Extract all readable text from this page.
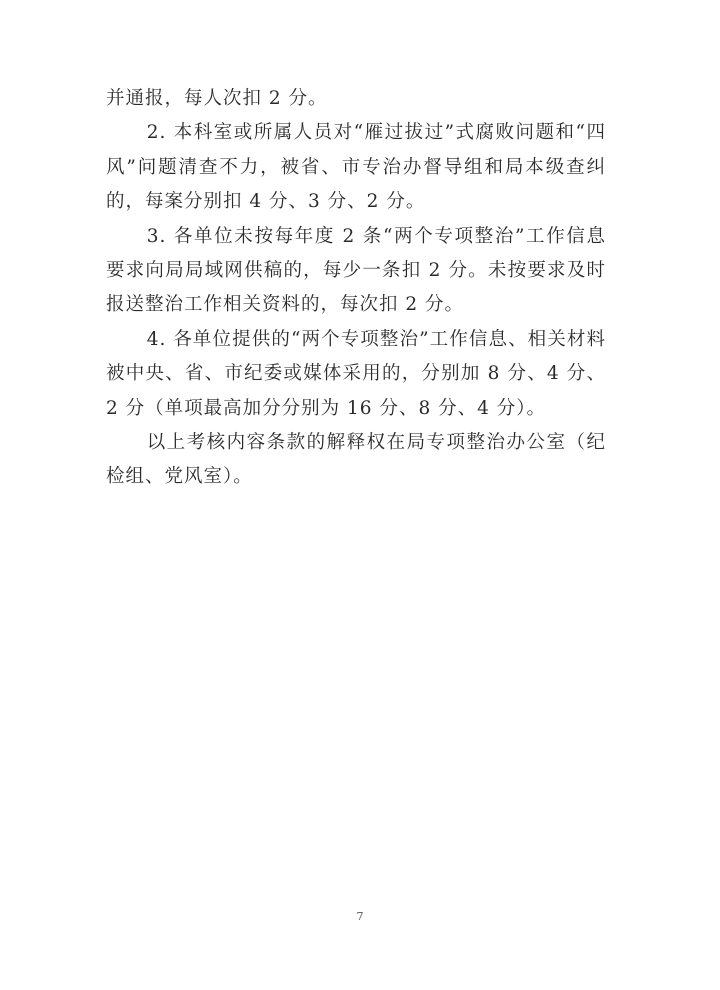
并通报，每人次扣 2 分。

2. 本科室或所属人员对“雁过拔过”式腐败问题和“四风”问题清查不力，被省、市专治办督导组和局本级查纠的，每案分别扣 4 分、3 分、2 分。

3. 各单位未按每年度 2 条“两个专项整治”工作信息要求向局局域网供稿的，每少一条扣 2 分。未按要求及时报送整治工作相关资料的，每次扣 2 分。

4. 各单位提供的“两个专项整治”工作信息、相关材料被中央、省、市纪委或媒体采用的，分别加 8 分、4 分、2 分（单项最高加分分别为 16 分、8 分、4 分）。

以上考核内容条款的解释权在局专项整治办公室（纪检组、党风室）。

7
